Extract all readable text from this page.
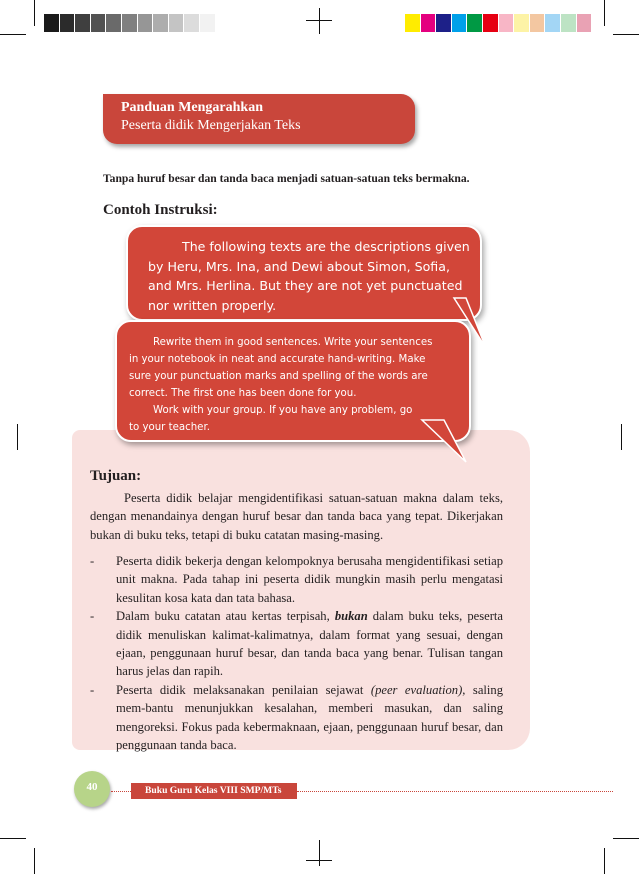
Panduan Mengarahkan
Peserta didik Mengerjakan Teks
Tanpa huruf besar dan tanda baca menjadi satuan-satuan teks bermakna.
Contoh Instruksi:
The following texts are the descriptions given
by Heru, Mrs. Ina, and Dewi about Simon, Sofia,
and Mrs. Herlina. But they are not yet punctuated
nor written properly.
Rewrite them in good sentences. Write your sentences
in your notebook in neat and accurate hand-writing. Make
sure your punctuation marks and spelling of the words are
correct. The first one has been done for you.
Work with your group. If you have any problem, go
to your teacher.
Tujuan:
Peserta didik belajar mengidentifikasi satuan-satuan makna dalam teks, dengan menandainya dengan huruf besar dan tanda baca yang tepat. Dikerjakan bukan di buku teks, tetapi di buku catatan masing-masing.
- Peserta didik bekerja dengan kelompoknya berusaha mengidentifikasi setiap unit makna. Pada tahap ini peserta didik mungkin masih perlu mengatasi kesulitan kosa kata dan tata bahasa.
- Dalam buku catatan atau kertas terpisah, bukan dalam buku teks, peserta didik menuliskan kalimat-kalimatnya, dalam format yang sesuai, dengan ejaan, penggunaan huruf besar, dan tanda baca yang benar. Tulisan tangan harus jelas dan rapih.
- Peserta didik melaksanakan penilaian sejawat (peer evaluation), saling mem-bantu menunjukkan kesalahan, memberi masukan, dan saling mengoreksi. Fokus pada kebermaknaan, ejaan, penggunaan huruf besar, dan penggunaan tanda baca.
40	Buku Guru Kelas VIII SMP/MTs
